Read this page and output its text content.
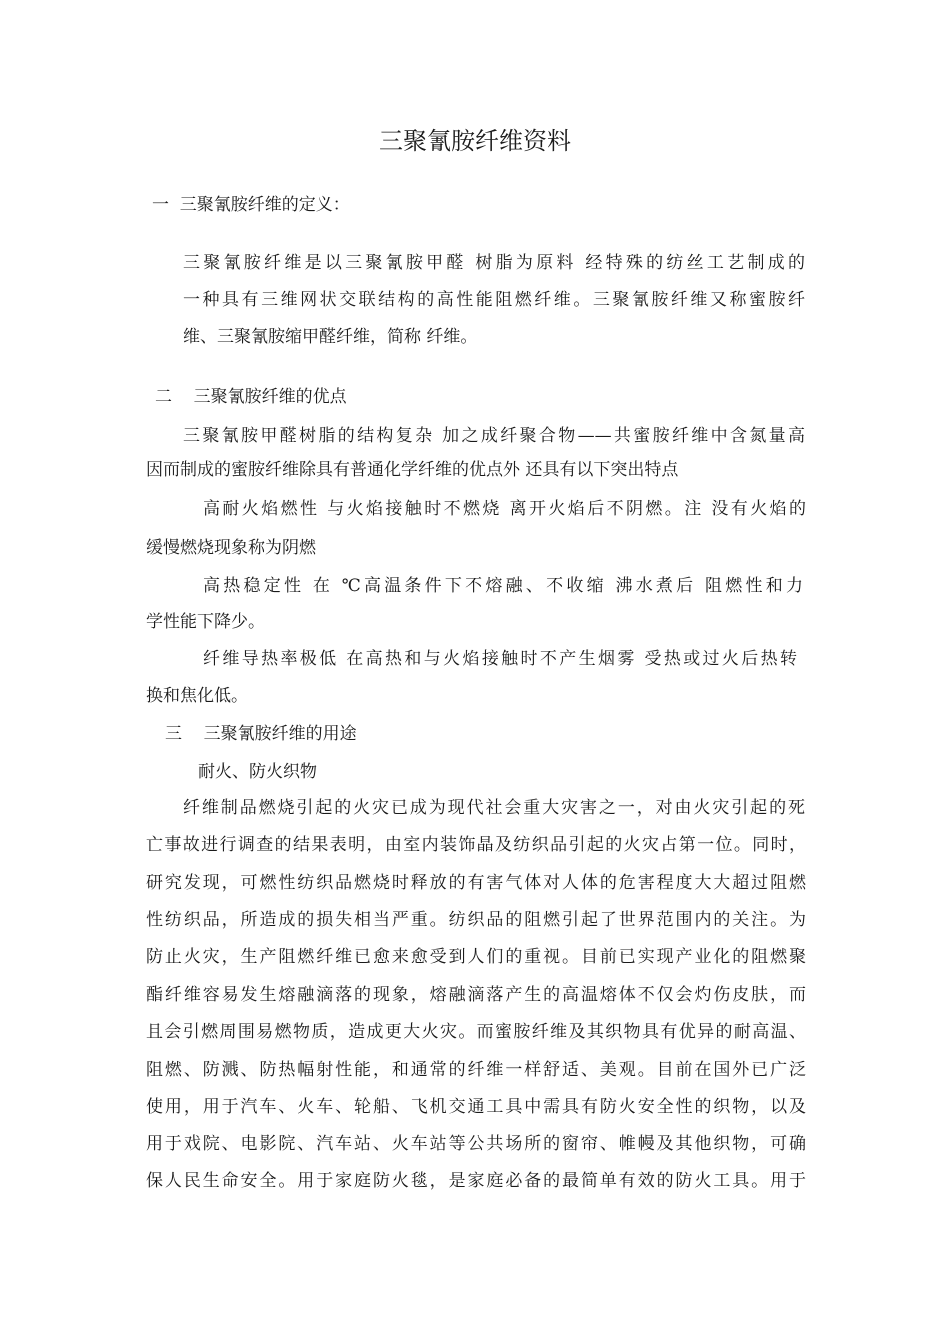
三聚氰胺纤维资料
一  三聚氰胺纤维的定义：
三聚氰胺纤维是以三聚氰胺甲醛 树脂为原料 经特殊的纺丝工艺制成的
一种具有三维网状交联结构的高性能阻燃纤维。三聚氰胺纤维又称蜜胺纤
维、三聚氰胺缩甲醛纤维，简称 纤维。
二    三聚氰胺纤维的优点
三聚氰胺甲醛树脂的结构复杂 加之成纤聚合物——共蜜胺纤维中含氮量高
因而制成的蜜胺纤维除具有普通化学纤维的优点外 还具有以下突出特点
高耐火焰燃性 与火焰接触时不燃烧 离开火焰后不阴燃。注 没有火焰的
缓慢燃烧现象称为阴燃
高热稳定性 在 ℃高温条件下不熔融、不收缩 沸水煮后 阻燃性和力
学性能下降少。
纤维导热率极低 在高热和与火焰接触时不产生烟雾 受热或过火后热转
换和焦化低。
三    三聚氰胺纤维的用途
耐火、防火织物
纤维制品燃烧引起的火灾已成为现代社会重大灾害之一，对由火灾引起的死
亡事故进行调查的结果表明，由室内装饰晶及纺织品引起的火灾占第一位。同时，
研究发现，可燃性纺织品燃烧时释放的有害气体对人体的危害程度大大超过阻燃
性纺织品，所造成的损失相当严重。纺织品的阻燃引起了世界范围内的关注。为
防止火灾，生产阻燃纤维已愈来愈受到人们的重视。目前已实现产业化的阻燃聚
酯纤维容易发生熔融滴落的现象，熔融滴落产生的高温熔体不仅会灼伤皮肤，而
且会引燃周围易燃物质，造成更大火灾。而蜜胺纤维及其织物具有优异的耐高温、
阻燃、防溅、防热幅射性能，和通常的纤维一样舒适、美观。目前在国外已广泛
使用，用于汽车、火车、轮船、飞机交通工具中需具有防火安全性的织物，以及
用于戏院、电影院、汽车站、火车站等公共场所的窗帘、帷幔及其他织物，可确
保人民生命安全。用于家庭防火毯，是家庭必备的最简单有效的防火工具。用于
